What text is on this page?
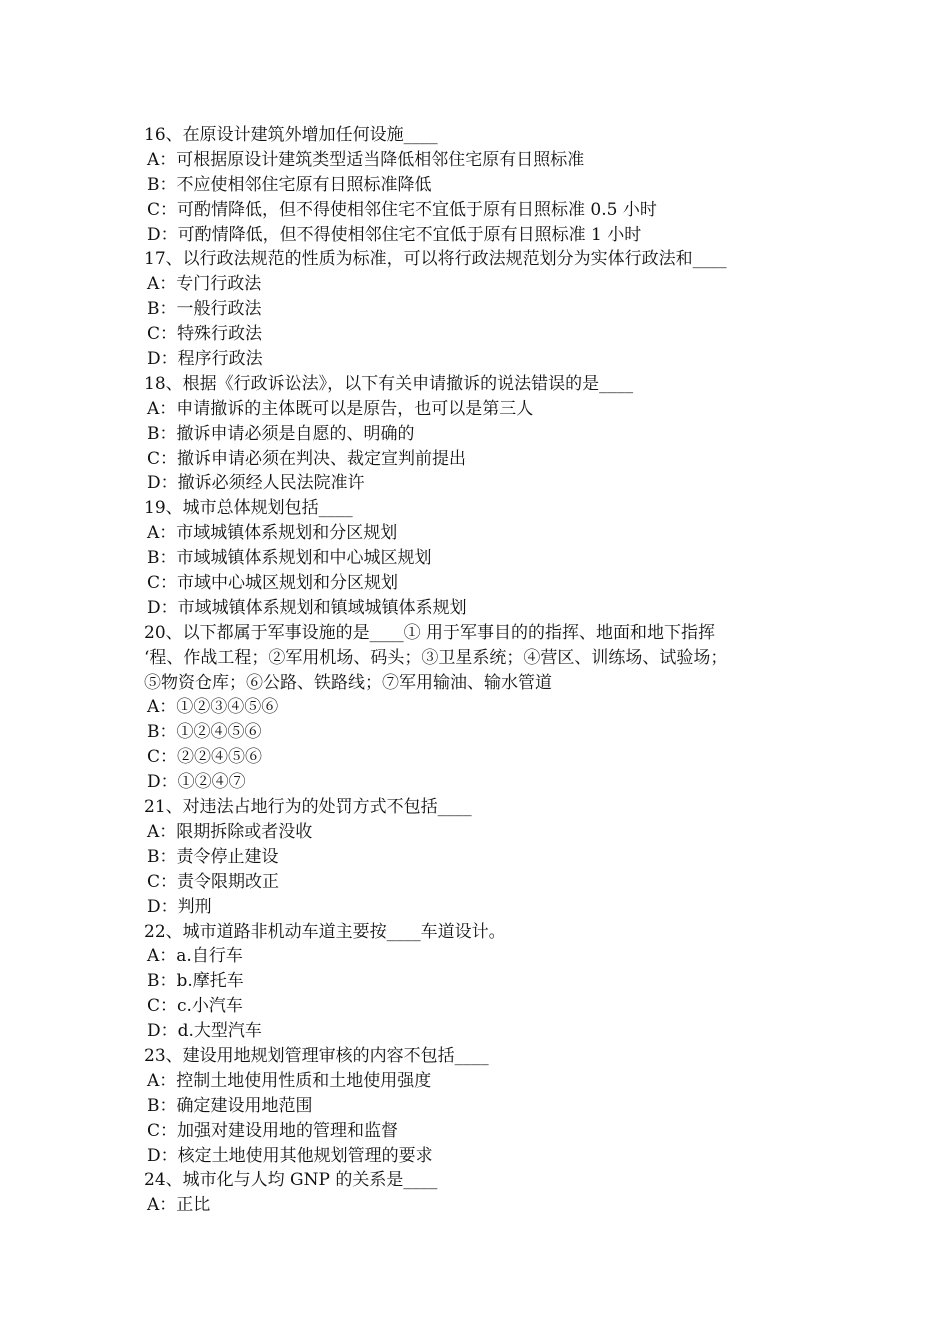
16、在原设计建筑外增加任何设施____
A：可根据原设计建筑类型适当降低相邻住宅原有日照标准
B：不应使相邻住宅原有日照标准降低
C：可酌情降低，但不得使相邻住宅不宜低于原有日照标准 0.5 小时
D：可酌情降低，但不得使相邻住宅不宜低于原有日照标准 1 小时
17、以行政法规范的性质为标准，可以将行政法规范划分为实体行政法和____
A：专门行政法
B：一般行政法
C：特殊行政法
D：程序行政法
18、根据《行政诉讼法》，以下有关申请撤诉的说法错误的是____
A：申请撤诉的主体既可以是原告，也可以是第三人
B：撤诉申请必须是自愿的、明确的
C：撤诉申请必须在判决、裁定宣判前提出
D：撤诉必须经人民法院准许
19、城市总体规划包括____
A：市域城镇体系规划和分区规划
B：市域城镇体系规划和中心城区规划
C：市域中心城区规划和分区规划
D：市域城镇体系规划和镇域城镇体系规划
20、以下都属于军事设施的是____① 用于军事目的的指挥、地面和地下指挥
‘程、作战工程；②军用机场、码头；③卫星系统；④营区、训练场、试验场；
⑤物资仓库；⑥公路、铁路线；⑦军用输油、输水管道
A：①②③④⑤⑥
B：①②④⑤⑥
C：②②④⑤⑥
D：①②④⑦
21、对违法占地行为的处罚方式不包括____
A：限期拆除或者没收
B：责令停止建设
C：责令限期改正
D：判刑
22、城市道路非机动车道主要按____车道设计。
A：a.自行车
B：b.摩托车
C：c.小汽车
D：d.大型汽车
23、建设用地规划管理审核的内容不包括____
A：控制土地使用性质和土地使用强度
B：确定建设用地范围
C：加强对建设用地的管理和监督
D：核定土地使用其他规划管理的要求
24、城市化与人均 GNP 的关系是____
A：正比
